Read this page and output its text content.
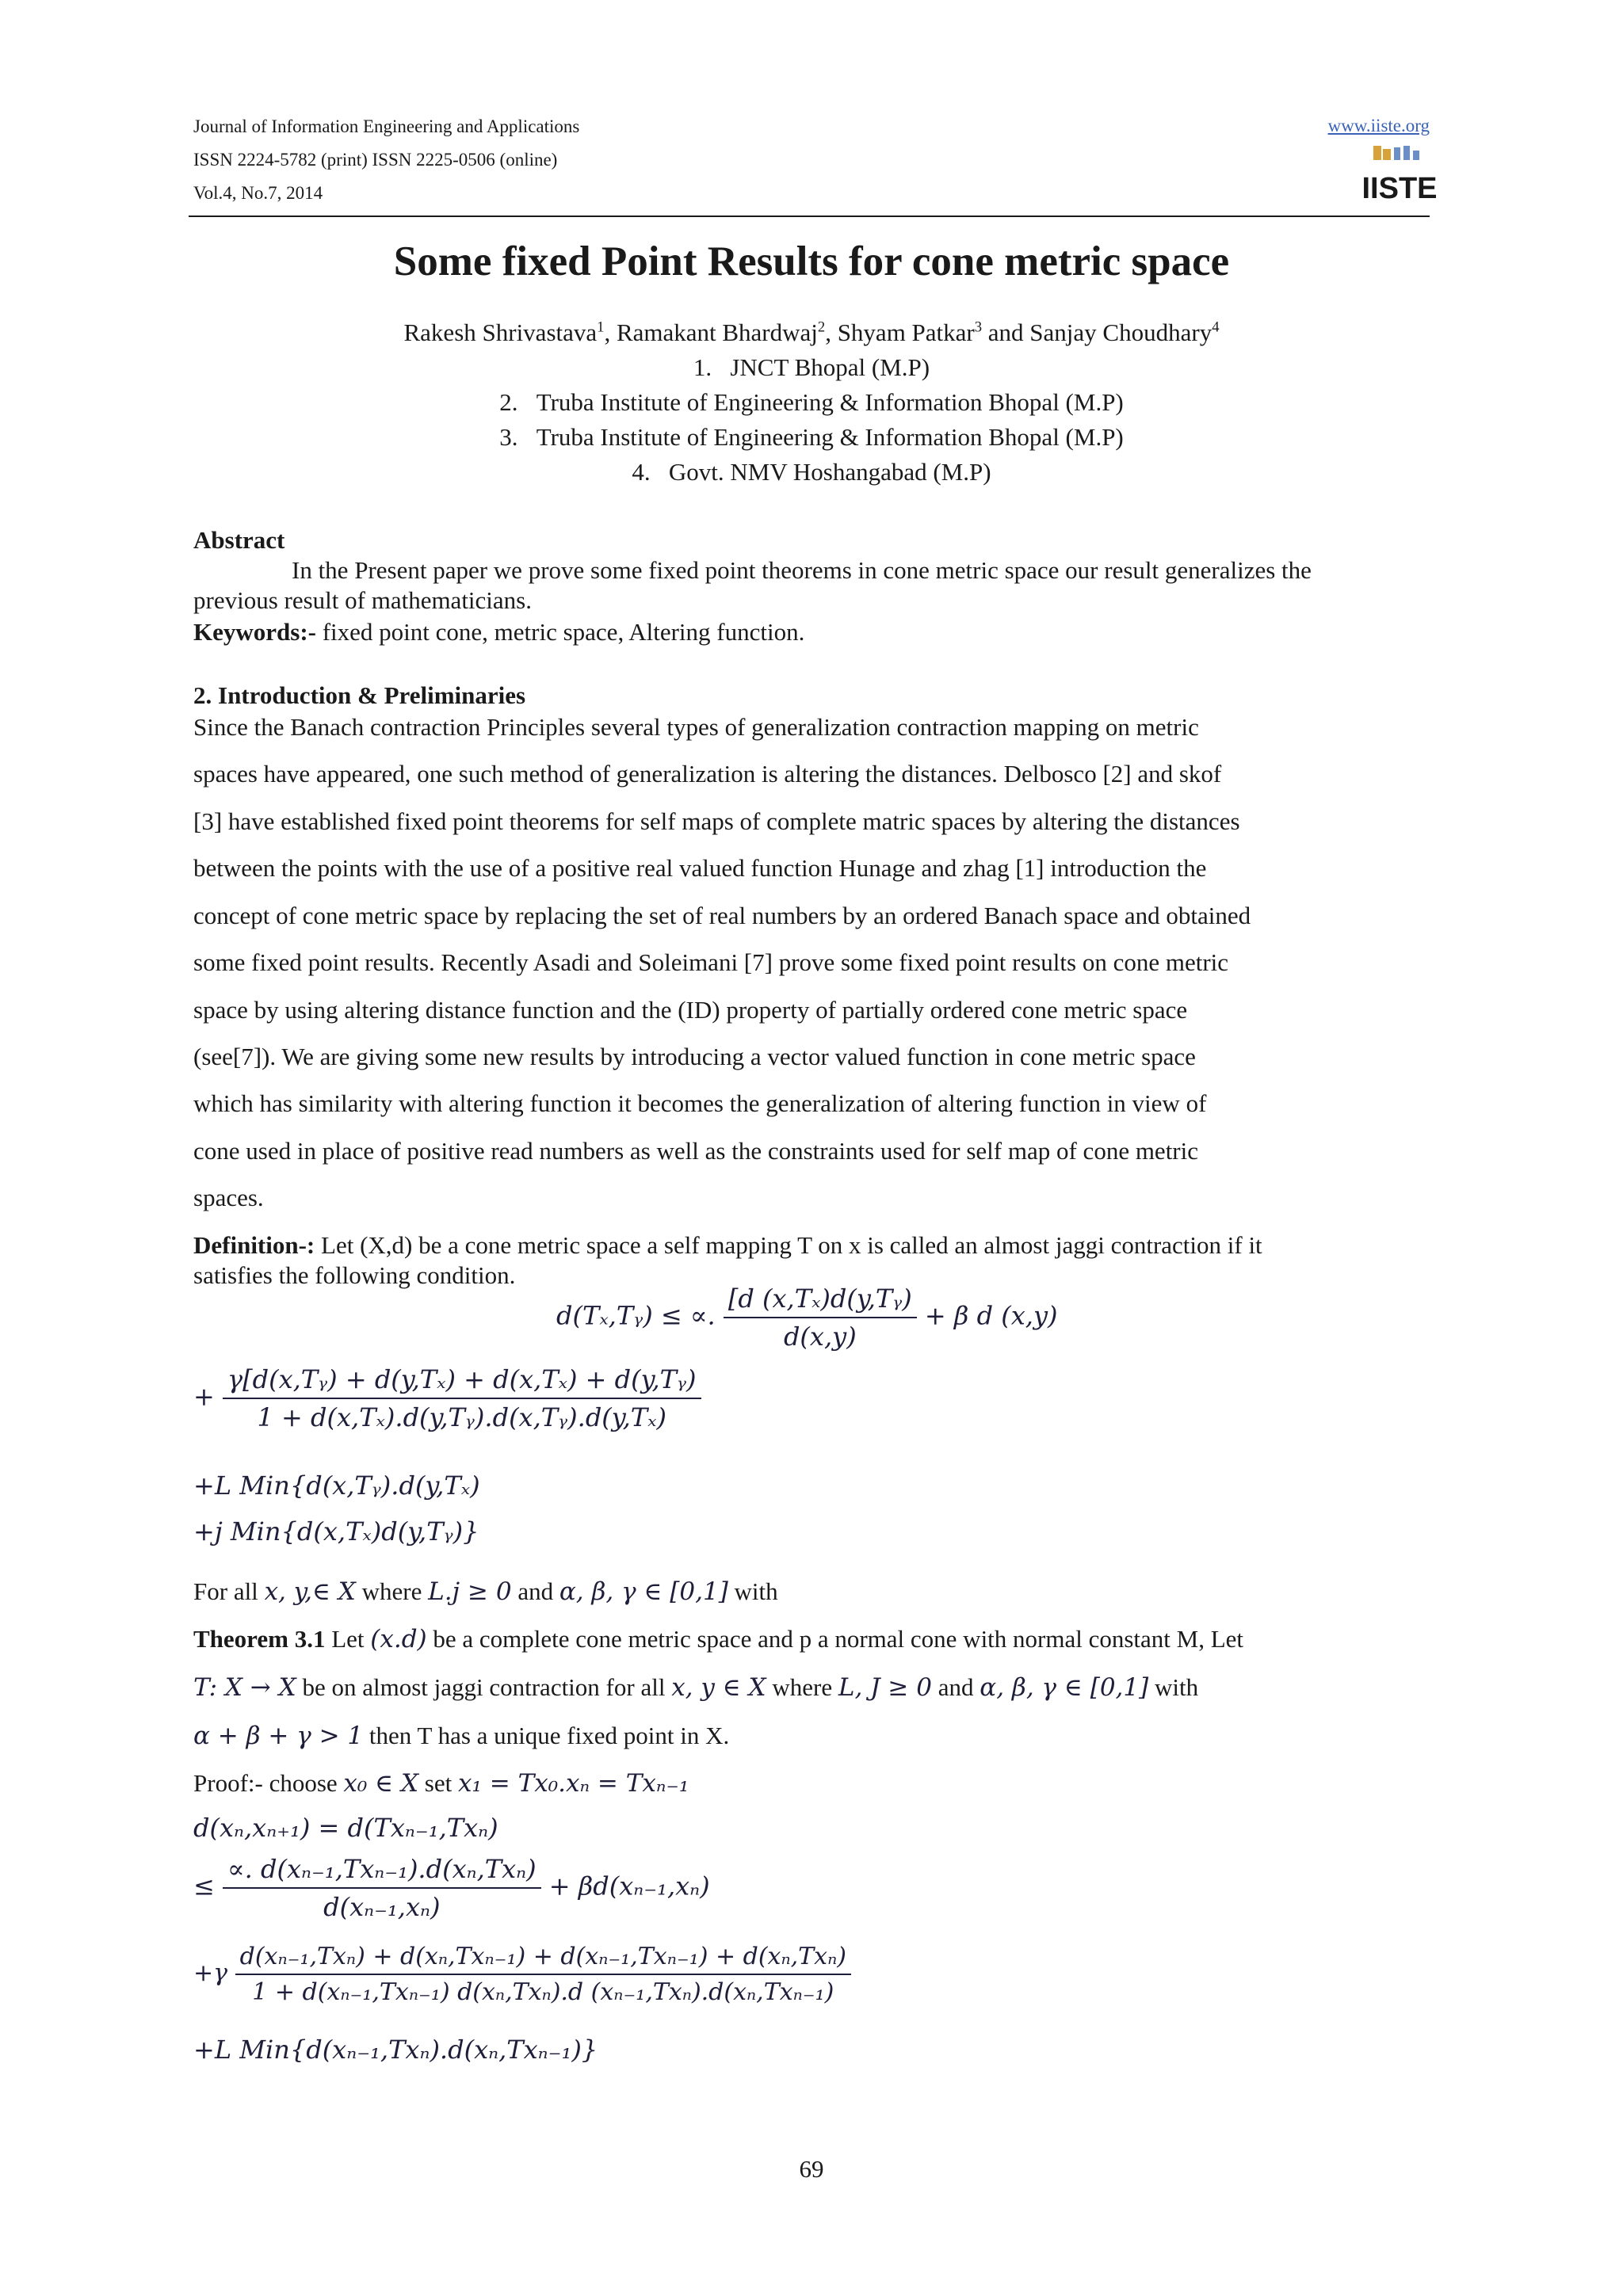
Journal of Information Engineering and Applications
ISSN 2224-5782 (print) ISSN 2225-0506 (online)
Vol.4, No.7, 2014
www.iiste.org
IISTE
Some fixed Point Results for cone metric space
Rakesh Shrivastava$^1$, Ramakant Bhardwaj$^2$, Shyam Patkar$^3$ and Sanjay Choudhary$^4$
1.   JNCT Bhopal (M.P)
2.   Truba Institute of Engineering & Information Bhopal (M.P)
3.   Truba Institute of Engineering & Information Bhopal (M.P)
4.   Govt. NMV Hoshangabad (M.P)
Abstract
In the Present paper we prove some fixed point theorems in cone metric space our result generalizes the
previous result of mathematicians.
Keywords:- fixed point cone, metric space, Altering function.
2. Introduction & Preliminaries
Since the Banach contraction Principles several types of generalization contraction mapping on metric
spaces have appeared, one such method of generalization is altering the distances. Delbosco [2] and skof
[3] have established fixed point theorems for self maps of complete matric spaces by altering the distances
between the points with the use of a positive real valued function Hunage and zhag [1] introduction the
concept of cone metric space by replacing the set of real numbers by an ordered Banach space and obtained
some fixed point results. Recently Asadi and Soleimani [7] prove some fixed point results on cone metric
space by using altering distance function and the (ID) property of partially ordered cone metric space
(see[7]). We are giving some new results by introducing a vector valued function in cone metric space
which has similarity with altering function it becomes the generalization of altering function in view of
cone used in place of positive read numbers as well as the constraints used for self map of cone metric
spaces.
Definition-: Let (X,d) be a cone metric space a self mapping T on x is called an almost jaggi contraction if it
satisfies the following condition.
d(Tₓ,Tᵧ) ≤ ∝. $\frac{\text{[d (x,Tₓ)d(y,Tᵧ)}}{d(x,y)} + \beta$ d (x,y)
+ $\frac{\text{γ[d(x,Tᵧ) + d(y,Tₓ) + d(x,Tₓ) + d(y,Tᵧ)}}{\text{1 + d(x,Tₓ).d(y,Tᵧ).d(x,Tᵧ).d(y,Tₓ)}}$
+L Min{d(x,Tᵧ).d(y,Tₓ)
+j Min{d(x,Tₓ)d(y,Tᵧ)}
For all x, y,∈ X where L.j ≥ 0 and α, β, γ ∈ [0,1] with
Theorem 3.1 Let (x.d) be a complete cone metric space and p a normal cone with normal constant M, Let
T: X → X be on almost jaggi contraction for all x, y ∈ X where L, J ≥ 0 and α, β, γ ∈ [0,1] with
α + β + γ > 1 then T has a unique fixed point in X.
Proof:- choose x₀ ∈ X set x₁ = Tx₀.xₙ = Txₙ₋₁
d(xₙ,xₙ₊₁) = d(Txₙ₋₁,Txₙ)
≤ $\frac{\text{∝. d(xₙ₋₁,Txₙ₋₁).d(xₙ,Txₙ)}}{\text{d(xₙ₋₁,xₙ)}} + \beta d(x_{n-1},x_n)$
$+\gamma \frac{\text{d(xₙ₋₁,Txₙ) + d(xₙ,Txₙ₋₁) + d(xₙ₋₁,Txₙ₋₁) + d(xₙ,Txₙ)}}{\text{1 + d(xₙ₋₁,Txₙ₋₁) d(xₙ,Txₙ).d (xₙ₋₁,Txₙ).d(xₙ,Txₙ₋₁)}}$
+L Min{d(xₙ₋₁,Txₙ).d(xₙ,Txₙ₋₁)}
69
